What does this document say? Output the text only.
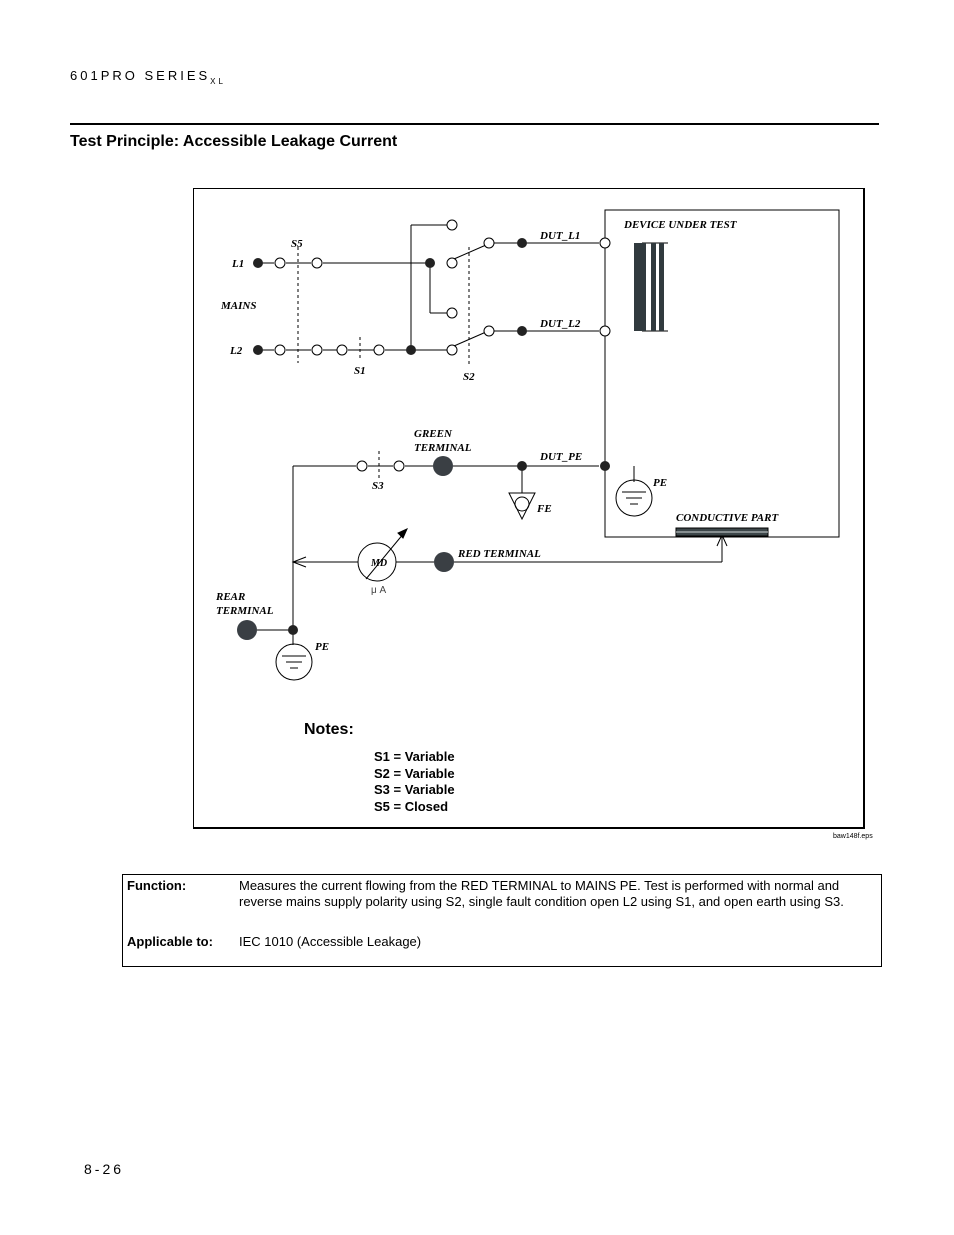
601PRO $SERIES_{XL}$
Test Principle: Accessible Leakage Current
L1
L2
MAINS
S5
S1	S2
S3
DUT_L1
DUT_L2
DUT_PE
DEVICE UNDER TEST
GREEN
TERMINAL
PE
FE
CONDUCTIVE PART
MD
μ A
RED TERMINAL
REAR
TERMINAL
PE
Notes:
S1 = Variable
S2 = Variable
S3 = Variable
S5 = Closed
baw148f.eps
Function:	Measures the current flowing from the RED TERMINAL to MAINS PE. Test is performed with normal and reverse mains supply polarity using S2, single fault condition open L2 using S1, and open earth using S3.
Applicable to: IEC 1010 (Accessible Leakage)
8-26
